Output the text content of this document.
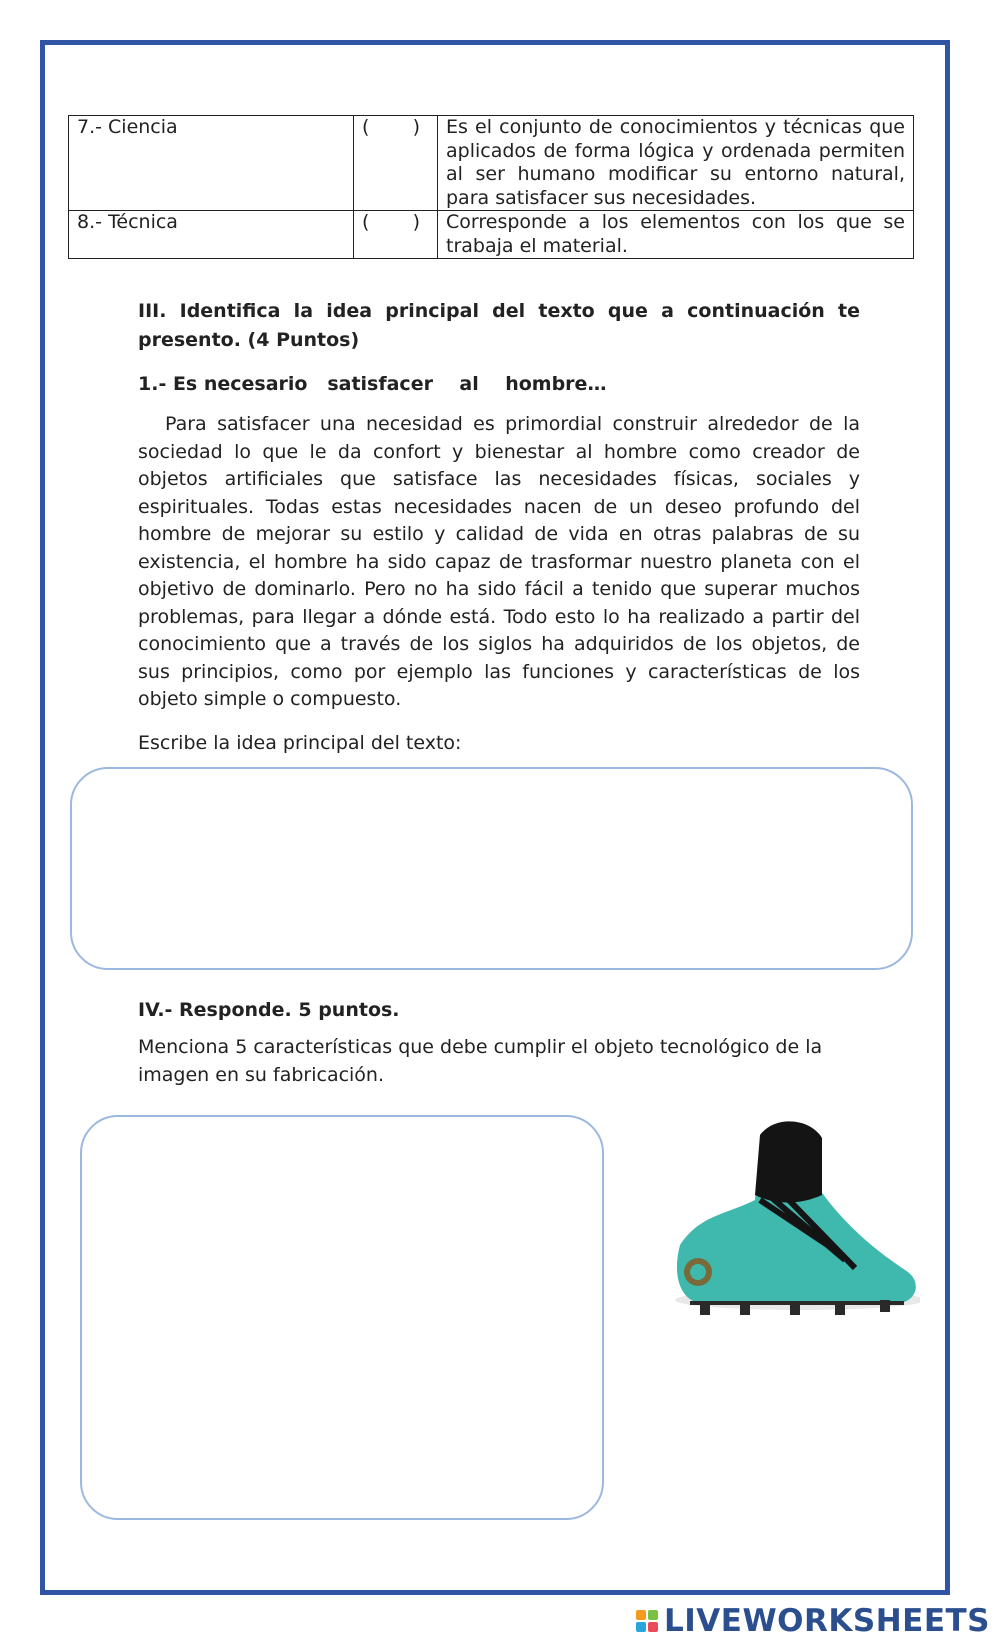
7.- Ciencia	( )	Es el conjunto de conocimientos y técnicas que aplicados de forma lógica y ordenada permiten al ser humano modificar su entorno natural, para satisfacer sus necesidades.
8.- Técnica	( )	Corresponde a los elementos con los que se trabaja el material.
III. Identifica la idea principal del texto que a continuación te presento. (4 Puntos)
1.- Es necesario   satisfacer    al    hombre…
Para satisfacer una necesidad es primordial construir alrededor de la sociedad lo que le da confort y bienestar al hombre como creador de objetos artificiales que satisface las necesidades físicas, sociales y espirituales. Todas estas necesidades nacen de un deseo profundo del hombre de mejorar su estilo y calidad de vida en otras palabras de su existencia, el hombre ha sido capaz de trasformar nuestro planeta con el objetivo de dominarlo. Pero no ha sido fácil a tenido que superar muchos problemas, para llegar a dónde está. Todo esto lo ha realizado a partir del conocimiento que a través de los siglos ha adquiridos de los objetos, de sus principios, como por ejemplo las funciones y características de los objeto simple o compuesto.
Escribe la idea principal del texto:
IV.- Responde. 5 puntos.
Menciona 5 características que debe cumplir el objeto tecnológico de la imagen en su fabricación.
LIVEWORKSHEETS
